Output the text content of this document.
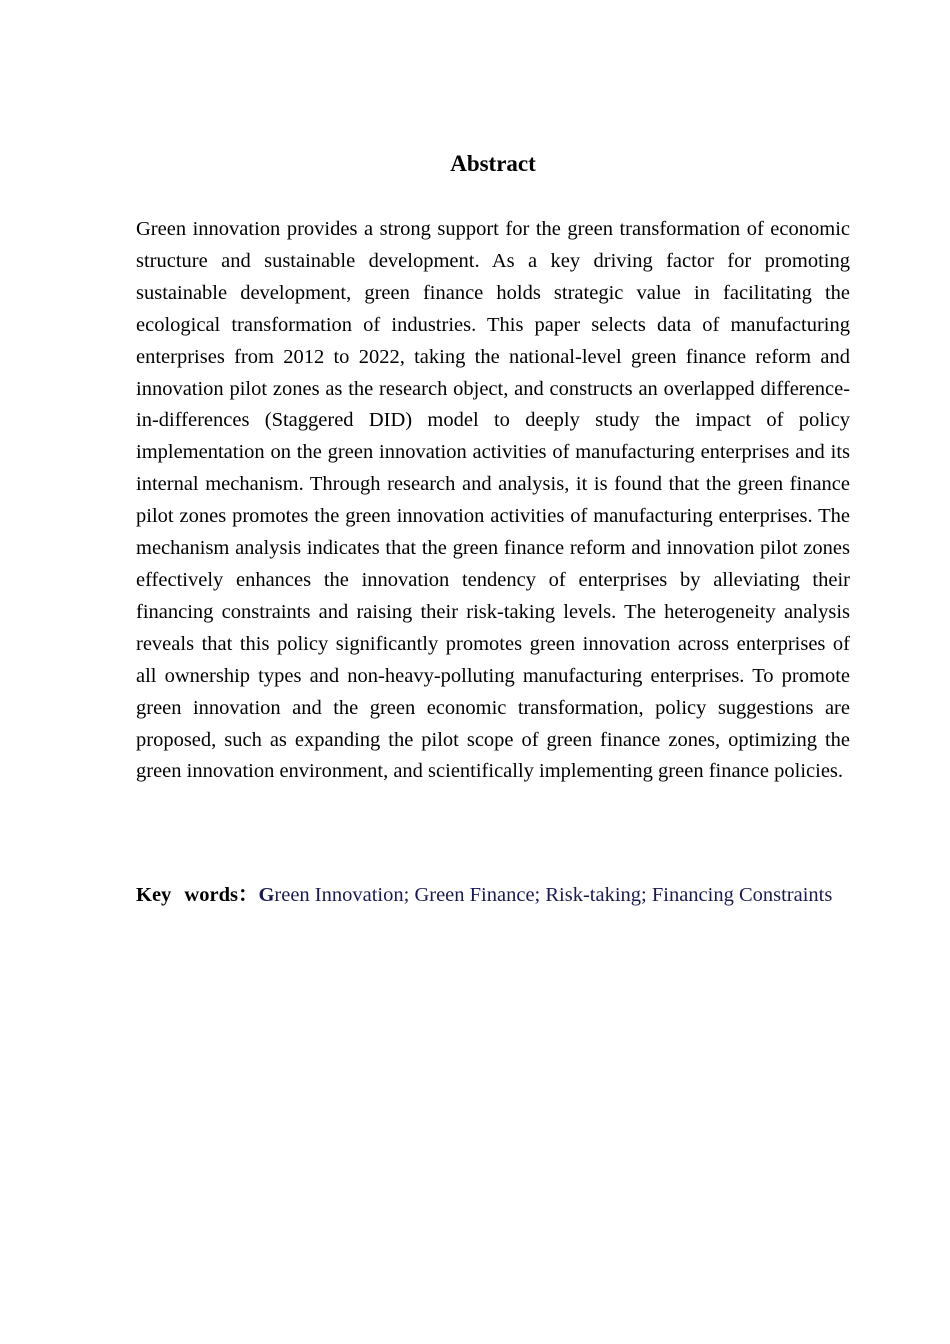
Abstract

Green innovation provides a strong support for the green transformation of economic structure and sustainable development. As a key driving factor for promoting sustainable development, green finance holds strategic value in facilitating the ecological transformation of industries. This paper selects data of manufacturing enterprises from 2012 to 2022, taking the national-level green finance reform and innovation pilot zones as the research object, and constructs an overlapped difference-in-differences (Staggered DID) model to deeply study the impact of policy implementation on the green innovation activities of manufacturing enterprises and its internal mechanism. Through research and analysis, it is found that the green finance pilot zones promotes the green innovation activities of manufacturing enterprises. The mechanism analysis indicates that the green finance reform and innovation pilot zones effectively enhances the innovation tendency of enterprises by alleviating their financing constraints and raising their risk-taking levels. The heterogeneity analysis reveals that this policy significantly promotes green innovation across enterprises of all ownership types and non-heavy-polluting manufacturing enterprises. To promote green innovation and the green economic transformation, policy suggestions are proposed, such as expanding the pilot scope of green finance zones, optimizing the green innovation environment, and scientifically implementing green finance policies.

Key words：Green Innovation; Green Finance; Risk-taking; Financing Constraints
